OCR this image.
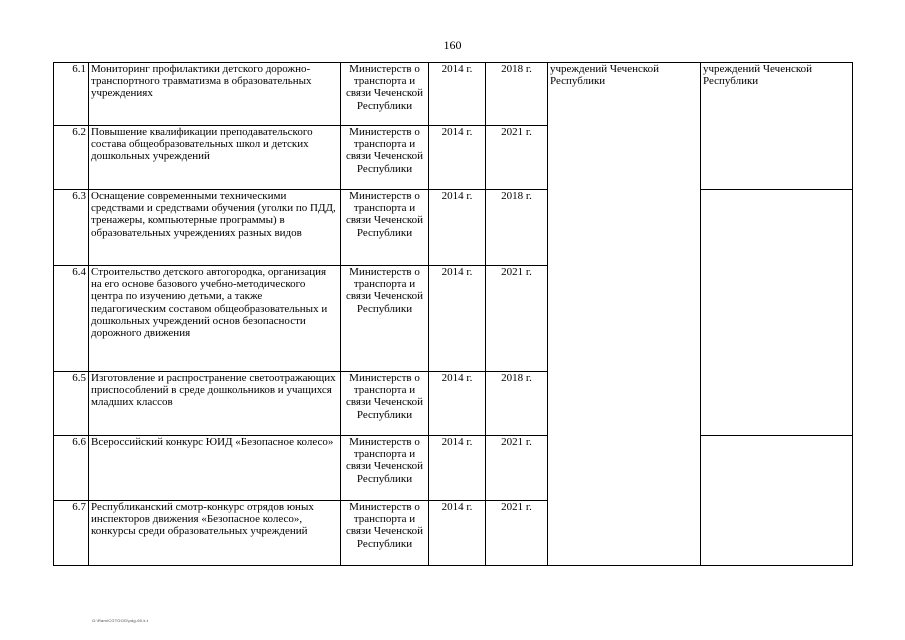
160
6.1	Мониторинг профилактики детского дорожно-транспортного травматизма в образовательных учреждениях	Министерств о транспорта и связи Чеченской Республики	2014 г.	2018 г.	учреждений Чеченской Республики	учреждений Чеченской Республики
6.2	Повышение квалификации преподавательского состава общеобразовательных школ и детских дошкольных учреждений	Министерств о транспорта и связи Чеченской Республики	2014 г.	2021 г.		
6.3	Оснащение современными техническими средствами и средствами обучения (уголки по ПДД, тренажеры, компьютерные программы) в образовательных учреждениях разных видов	Министерств о транспорта и связи Чеченской Республики	2014 г.	2018 г.		
6.4	Строительство детского автогородка, организация на его основе базового учебно-методического центра по изучению детьми, а также педагогическим составом общеобразовательных и дошкольных учреждений основ безопасности дорожного движения	Министерств о транспорта и связи Чеченской Республики	2014 г.	2021 г.		
6.5	Изготовление и распространение светоотражающих приспособлений в среде дошкольников и учащихся младших классов	Министерств о транспорта и связи Чеченской Республики	2014 г.	2018 г.		
6.6	Всероссийский конкурс ЮИД «Безопасное колесо»	Министерств о транспорта и связи Чеченской Республики	2014 г.	2021 г.		
6.7	Республиканский смотр-конкурс отрядов юных инспекторов движения «Безопасное колесо», конкурсы среди образовательных учреждений	Министерств о транспорта и связи Чеченской Республики	2014 г.	2021 г.		
G:\Ram\CGTOOG\pdg-60.k.t
